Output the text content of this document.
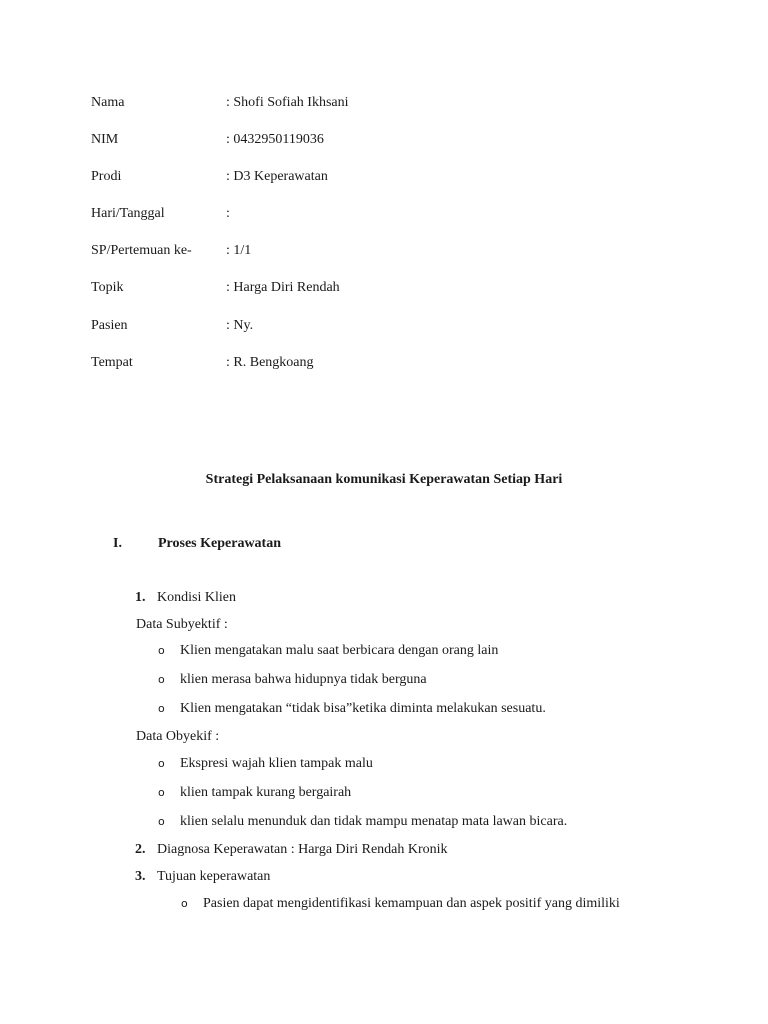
Nama	: Shofi Sofiah Ikhsani
NIM	: 0432950119036
Prodi	: D3 Keperawatan
Hari/Tanggal	:
SP/Pertemuan ke- : 1/1
Topik	: Harga Diri Rendah
Pasien	: Ny.
Tempat	: R. Bengkoang
Strategi Pelaksanaan komunikasi Keperawatan Setiap Hari
I.	Proses Keperawatan
1. Kondisi Klien
Data Subyektif :
o Klien mengatakan malu saat berbicara dengan orang lain
o klien merasa bahwa hidupnya tidak berguna
o Klien mengatakan “tidak bisa”ketika diminta melakukan sesuatu.
Data Obyekif :
o Ekspresi wajah klien tampak malu
o klien tampak kurang bergairah
o klien selalu menunduk dan tidak mampu menatap mata lawan bicara.
2. Diagnosa Keperawatan : Harga Diri Rendah Kronik
3. Tujuan keperawatan
o Pasien dapat mengidentifikasi kemampuan dan aspek positif yang dimiliki
